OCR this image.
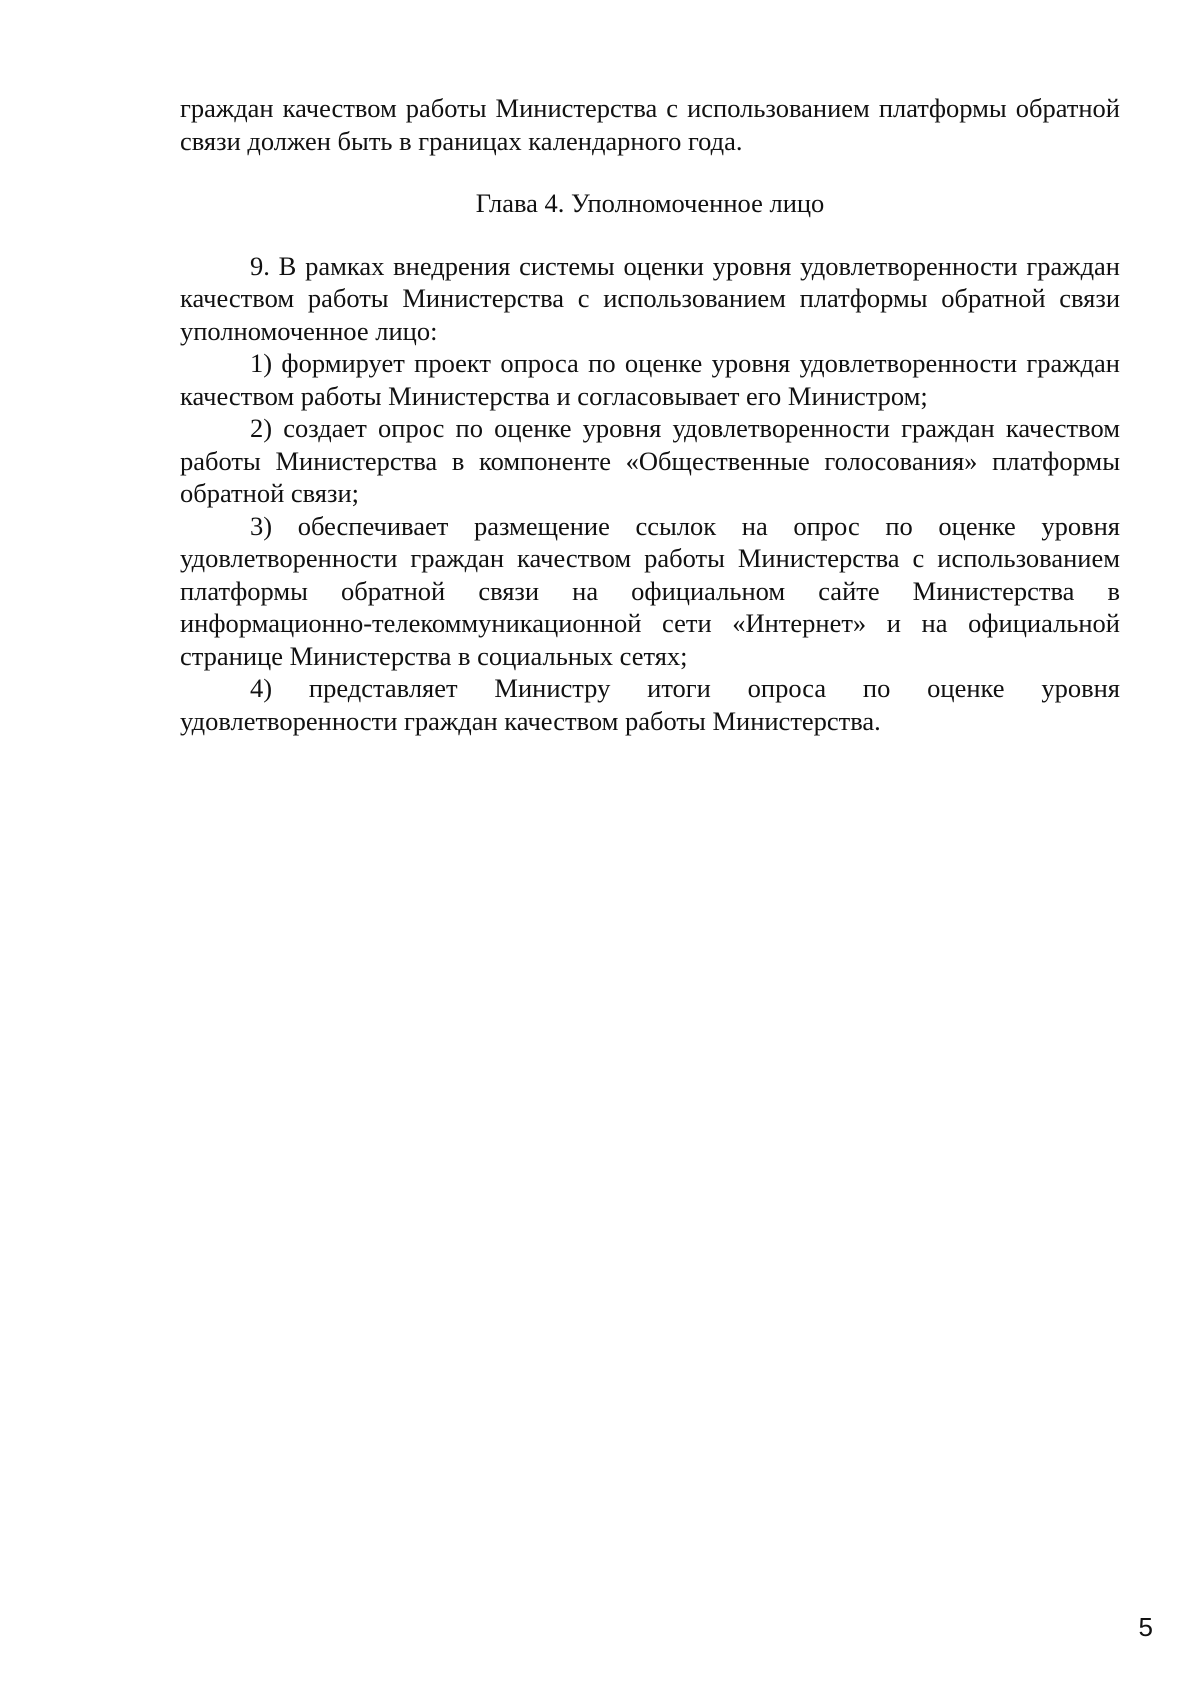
граждан качеством работы Министерства с использованием платформы обратной связи должен быть в границах календарного года.

Глава 4. Уполномоченное лицо

9. В рамках внедрения системы оценки уровня удовлетворенности граждан качеством работы Министерства с использованием платформы обратной связи уполномоченное лицо:

1) формирует проект опроса по оценке уровня удовлетворенности граждан качеством работы Министерства и согласовывает его Министром;

2) создает опрос по оценке уровня удовлетворенности граждан качеством работы Министерства в компоненте «Общественные голосования» платформы обратной связи;

3) обеспечивает размещение ссылок на опрос по оценке уровня удовлетворенности граждан качеством работы Министерства с использованием платформы обратной связи на официальном сайте Министерства в информационно-телекоммуникационной сети «Интернет» и на официальной странице Министерства в социальных сетях;

4) представляет Министру итоги опроса по оценке уровня удовлетворенности граждан качеством работы Министерства.

5
